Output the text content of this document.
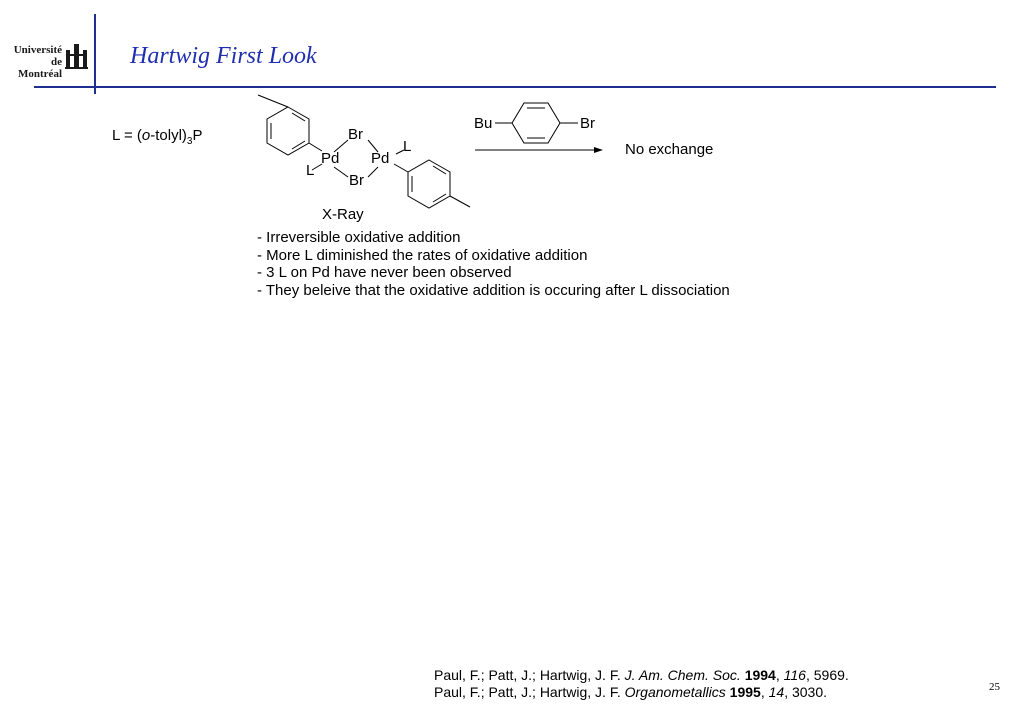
Université
de Montréal
Hartwig First Look
$L = (o-tolyl)_3P$	Br
Pd Pd
L
L
Br
X-Ray
Bu	Br
No exchange
- Irreversible oxidative addition
- More L diminished the rates of oxidative addition
- 3 L on Pd have never been observed
- They beleive that the oxidative addition is occuring after L dissociation
Paul, F.; Patt, J.; Hartwig, J. F. J. Am. Chem. Soc. 1994, 116, 5969.
Paul, F.; Patt, J.; Hartwig, J. F. Organometallics 1995, 14, 3030.	25
